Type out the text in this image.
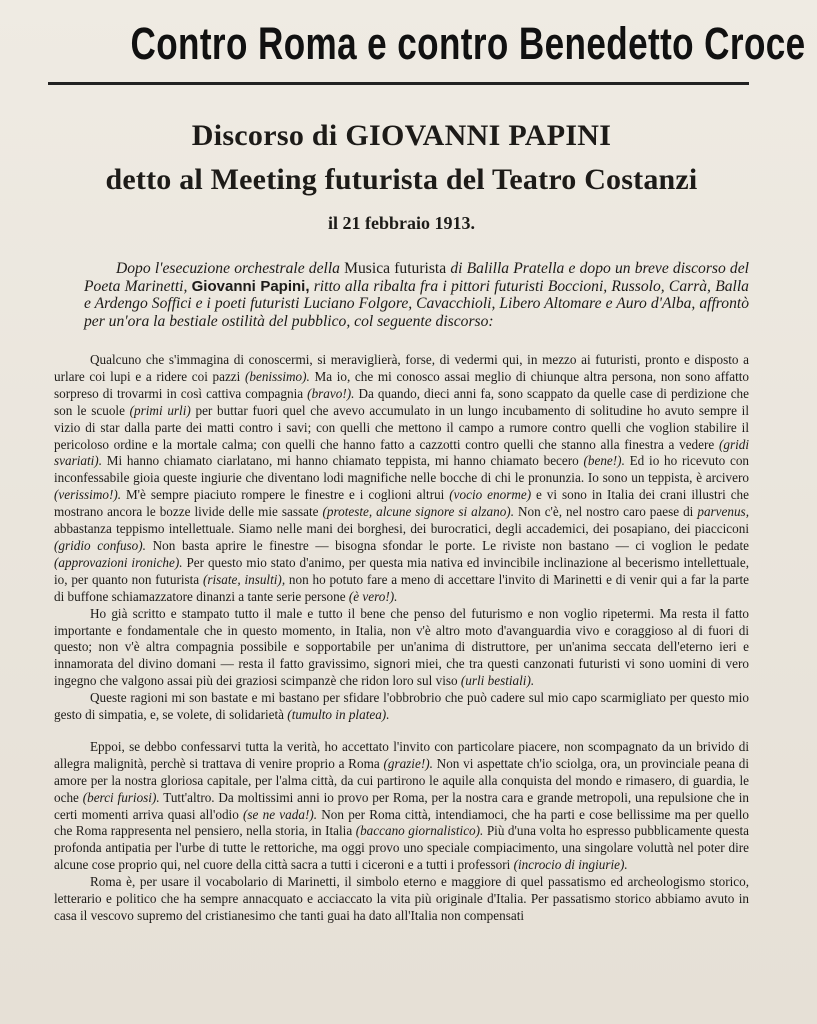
Contro Roma e contro Benedetto Croce
Discorso di GIOVANNI PAPINI
detto al Meeting futurista del Teatro Costanzi
il 21 febbraio 1913.

Dopo l'esecuzione orchestrale della Musica futurista di Balilla Pratella e dopo un breve discorso del Poeta Marinetti, Giovanni Papini, ritto alla ribalta fra i pittori futuristi Boccioni, Russolo, Carrà, Balla e Ardengo Soffici e i poeti futuristi Luciano Folgore, Cavacchioli, Libero Altomare e Auro d'Alba, affrontò per un'ora la bestiale ostilità del pubblico, col seguente discorso:

Qualcuno che s'immagina di conoscermi, si meraviglierà, forse, di vedermi qui, in mezzo ai futuristi, pronto e disposto a urlare coi lupi e a ridere coi pazzi (benissimo). Ma io, che mi conosco assai meglio di chiunque altra persona, non sono affatto sorpreso di trovarmi in così cattiva compagnia (bravo!). Da quando, dieci anni fa, sono scappato da quelle case di perdizione che son le scuole (primi urli) per buttar fuori quel che avevo accumulato in un lungo incubamento di solitudine ho avuto sempre il vizio di star dalla parte dei matti contro i savi; con quelli che mettono il campo a rumore contro quelli che voglion stabilire il pericoloso ordine e la mortale calma; con quelli che hanno fatto a cazzotti contro quelli che stanno alla finestra a vedere (gridi svariati). Mi hanno chiamato ciarlatano, mi hanno chiamato teppista, mi hanno chiamato becero (bene!). Ed io ho ricevuto con inconfessabile gioia queste ingiurie che diventano lodi magnifiche nelle bocche di chi le pronunzia. Io sono un teppista, è arcivero (verissimo!). M'è sempre piaciuto rompere le finestre e i coglioni altrui (vocio enorme) e vi sono in Italia dei crani illustri che mostrano ancora le bozze livide delle mie sassate (proteste, alcune signore si alzano). Non c'è, nel nostro caro paese di parvenus, abbastanza teppismo intellettuale. Siamo nelle mani dei borghesi, dei burocratici, degli accademici, dei posapiano, dei piacciconi (gridio confuso). Non basta aprire le finestre — bisogna sfondar le porte. Le riviste non bastano — ci voglion le pedate (approvazioni ironiche). Per questo mio stato d'animo, per questa mia nativa ed invincibile inclinazione al becerismo intellettuale, io, per quanto non futurista (risate, insulti), non ho potuto fare a meno di accettare l'invito di Marinetti e di venir qui a far la parte di buffone schiamazzatore dinanzi a tante serie persone (è vero!).

Ho già scritto e stampato tutto il male e tutto il bene che penso del futurismo e non voglio ripetermi. Ma resta il fatto importante e fondamentale che in questo momento, in Italia, non v'è altro moto d'avanguardia vivo e coraggioso al di fuori di questo; non v'è altra compagnia possibile e sopportabile per un'anima di distruttore, per un'anima seccata dell'eterno ieri e innamorata del divino domani — resta il fatto gravissimo, signori miei, che tra questi canzonati futuristi vi sono uomini di vero ingegno che valgono assai più dei graziosi scimpanzè che ridon loro sul viso (urli bestiali).

Queste ragioni mi son bastate e mi bastano per sfidare l'obbrobrio che può cadere sul mio capo scarmigliato per questo mio gesto di simpatia, e, se volete, di solidarietà (tumulto in platea).

Eppoi, se debbo confessarvi tutta la verità, ho accettato l'invito con particolare piacere, non scompagnato da un brivido di allegra malignità, perchè si trattava di venire proprio a Roma (grazie!). Non vi aspettate ch'io sciolga, ora, un provinciale peana di amore per la nostra gloriosa capitale, per l'alma città, da cui partirono le aquile alla conquista del mondo e rimasero, di guardia, le oche (berci furiosi). Tutt'altro. Da moltissimi anni io provo per Roma, per la nostra cara e grande metropoli, una repulsione che in certi momenti arriva quasi all'odio (se ne vada!). Non per Roma città, intendiamoci, che ha parti e cose bellissime ma per quello che Roma rappresenta nel pensiero, nella storia, in Italia (baccano giornalistico). Più d'una volta ho espresso pubblicamente questa profonda antipatia per l'urbe di tutte le rettoriche, ma oggi provo uno speciale compiacimento, una singolare voluttà nel poter dire alcune cose proprio qui, nel cuore della città sacra a tutti i ciceroni e a tutti i professori (incrocio di ingiurie).

Roma è, per usare il vocabolario di Marinetti, il simbolo eterno e maggiore di quel passatismo ed archeologismo storico, letterario e politico che ha sempre annacquato e acciaccato la vita più originale d'Italia. Per passatismo storico abbiamo avuto in casa il vescovo supremo del cristianesimo che tanti guai ha dato all'Italia non compensati
